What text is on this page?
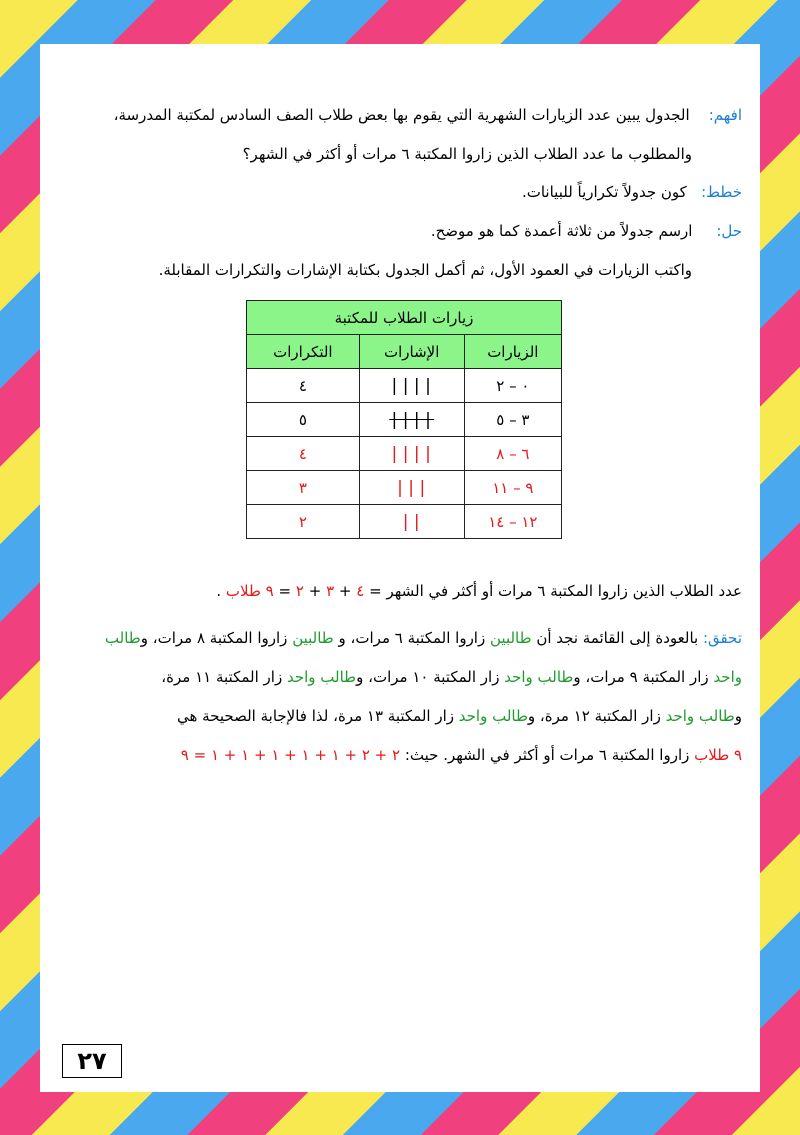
افهم:    الجدول يبين عدد الزيارات الشهرية التي يقوم بها بعض طلاب الصف السادس لمكتبة المدرسة،
والمطلوب ما عدد الطلاب الذين زاروا المكتبة ٦ مرات أو أكثر في الشهر؟
خطط:   كون جدولاً تكرارياً للبيانات.
حل:     ارسم جدولاً من ثلاثة أعمدة كما هو موضح.
واكتب الزيارات في العمود الأول، ثم أكمل الجدول بكتابة الإشارات والتكرارات المقابلة.
زيارات الطلاب للمكتبة		
الزيارات	الإشارات	التكرارات
٠ – ٢	||||	٤
٣ – ٥	||||	٥
٦ – ٨	||||	٤
٩ – ١١	|||	٣
١٢ – ١٤	||	٢
عدد الطلاب الذين زاروا المكتبة ٦ مرات أو أكثر في الشهر = ٤ + ٣ + ٢ = ٩ طلاب .
تحقق: بالعودة إلى القائمة نجد أن طالبين زاروا المكتبة ٦ مرات، و طالبين زاروا المكتبة ٨ مرات، وطالب
واحد زار المكتبة ٩ مرات، وطالب واحد زار المكتبة ١٠ مرات، وطالب واحد زار المكتبة ١١ مرة،
وطالب واحد زار المكتبة ١٢ مرة، وطالب واحد زار المكتبة ١٣ مرة، لذا فالإجابة الصحيحة هي
٩ طلاب زاروا المكتبة ٦ مرات أو أكثر في الشهر. حيث: ٢ + ٢ + ١ + ١ + ١ + ١ + ١ = ٩
٢٧
